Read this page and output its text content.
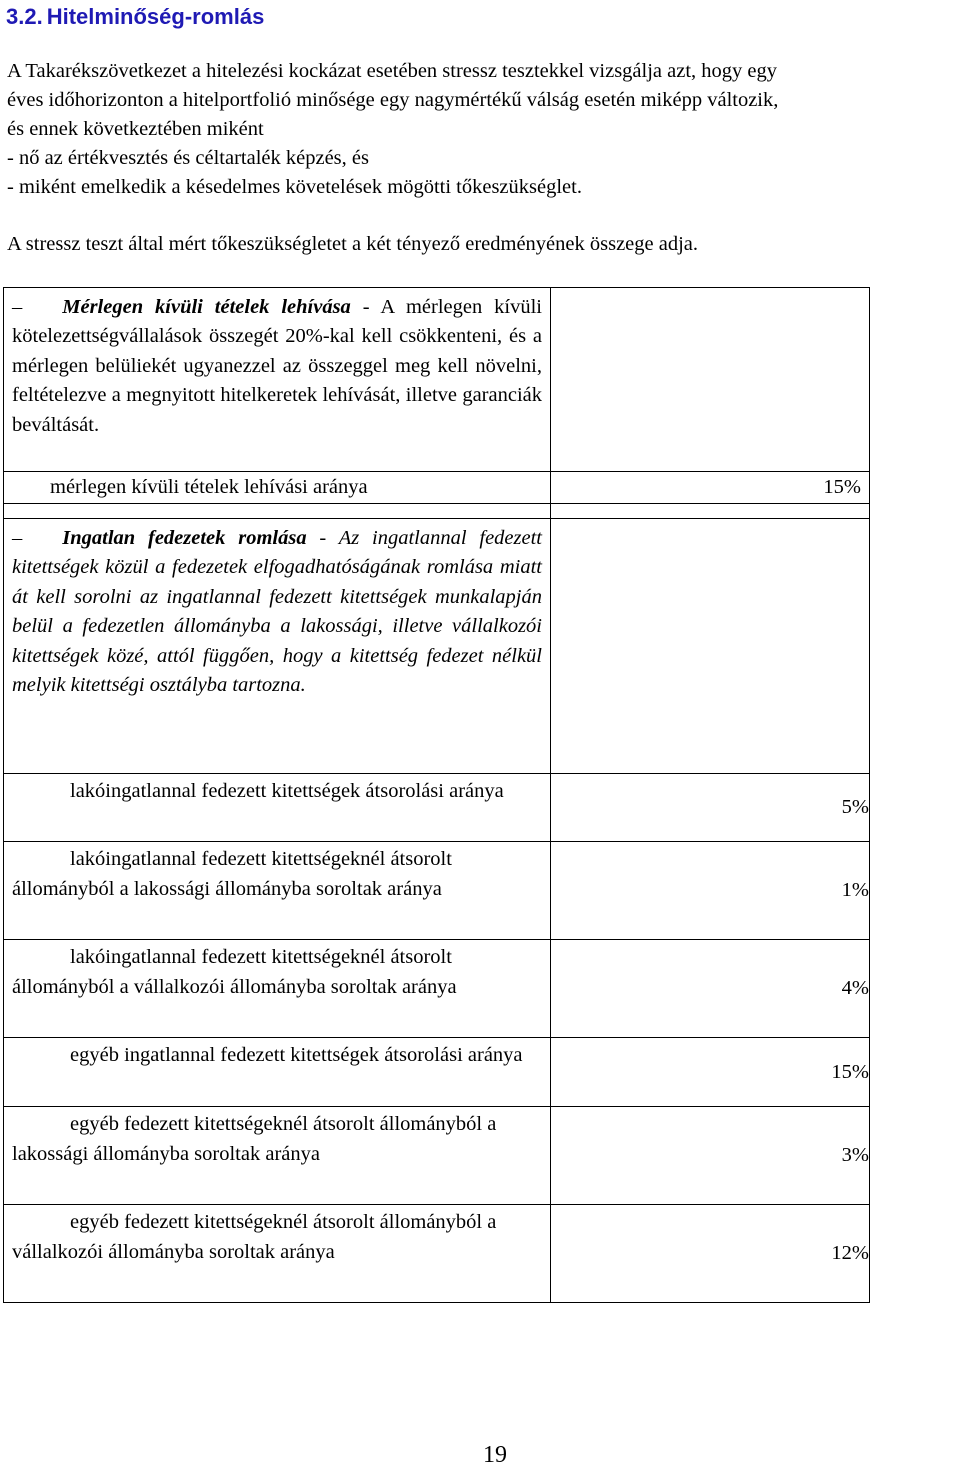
3.2. Hitelminőség-romlás
A Takarékszövetkezet a hitelezési kockázat esetében stressz tesztekkel vizsgálja azt, hogy egy
éves időhorizonton a hitelportfolió minősége egy nagymértékű válság esetén miképp változik,
és ennek következtében miként
- nő az értékvesztés és céltartalék képzés, és
- miként emelkedik a késedelmes követelések mögötti tőkeszükséglet.
A stressz teszt által mért tőkeszükségletet a két tényező eredményének összege adja.
– Mérlegen kívüli tételek lehívása - A mérlegen kívüli kötelezettségvállalások összegét 20%-kal kell csökkenteni, és a mérlegen belüliekét ugyanezzel az összeggel meg kell növelni, feltételezve a megnyitott hitelkeretek lehívását, illetve garanciák beváltását.	

mérlegen kívüli tételek lehívási aránya	15%

– Ingatlan fedezetek romlása - Az ingatlannal fedezett kitettségek közül a fedezetek elfogadhatóságának romlása miatt át kell sorolni az ingatlannal fedezett kitettségek munkalapján belül a fedezetlen állományba a lakossági, illetve vállalkozói kitettségek közé, attól függően, hogy a kitettség fedezet nélkül melyik kitettségi osztályba tartozna.	

lakóingatlannal fedezett kitettségek átsorolási aránya	5%

lakóingatlannal fedezett kitettségeknél átsorolt állományból a lakossági állományba soroltak aránya	1%

lakóingatlannal fedezett kitettségeknél átsorolt állományból a vállalkozói állományba soroltak aránya	4%

egyéb ingatlannal fedezett kitettségek átsorolási aránya	15%

egyéb fedezett kitettségeknél átsorolt állományból a lakossági állományba soroltak aránya	3%

egyéb fedezett kitettségeknél átsorolt állományból a vállalkozói állományba soroltak aránya	12%
19
